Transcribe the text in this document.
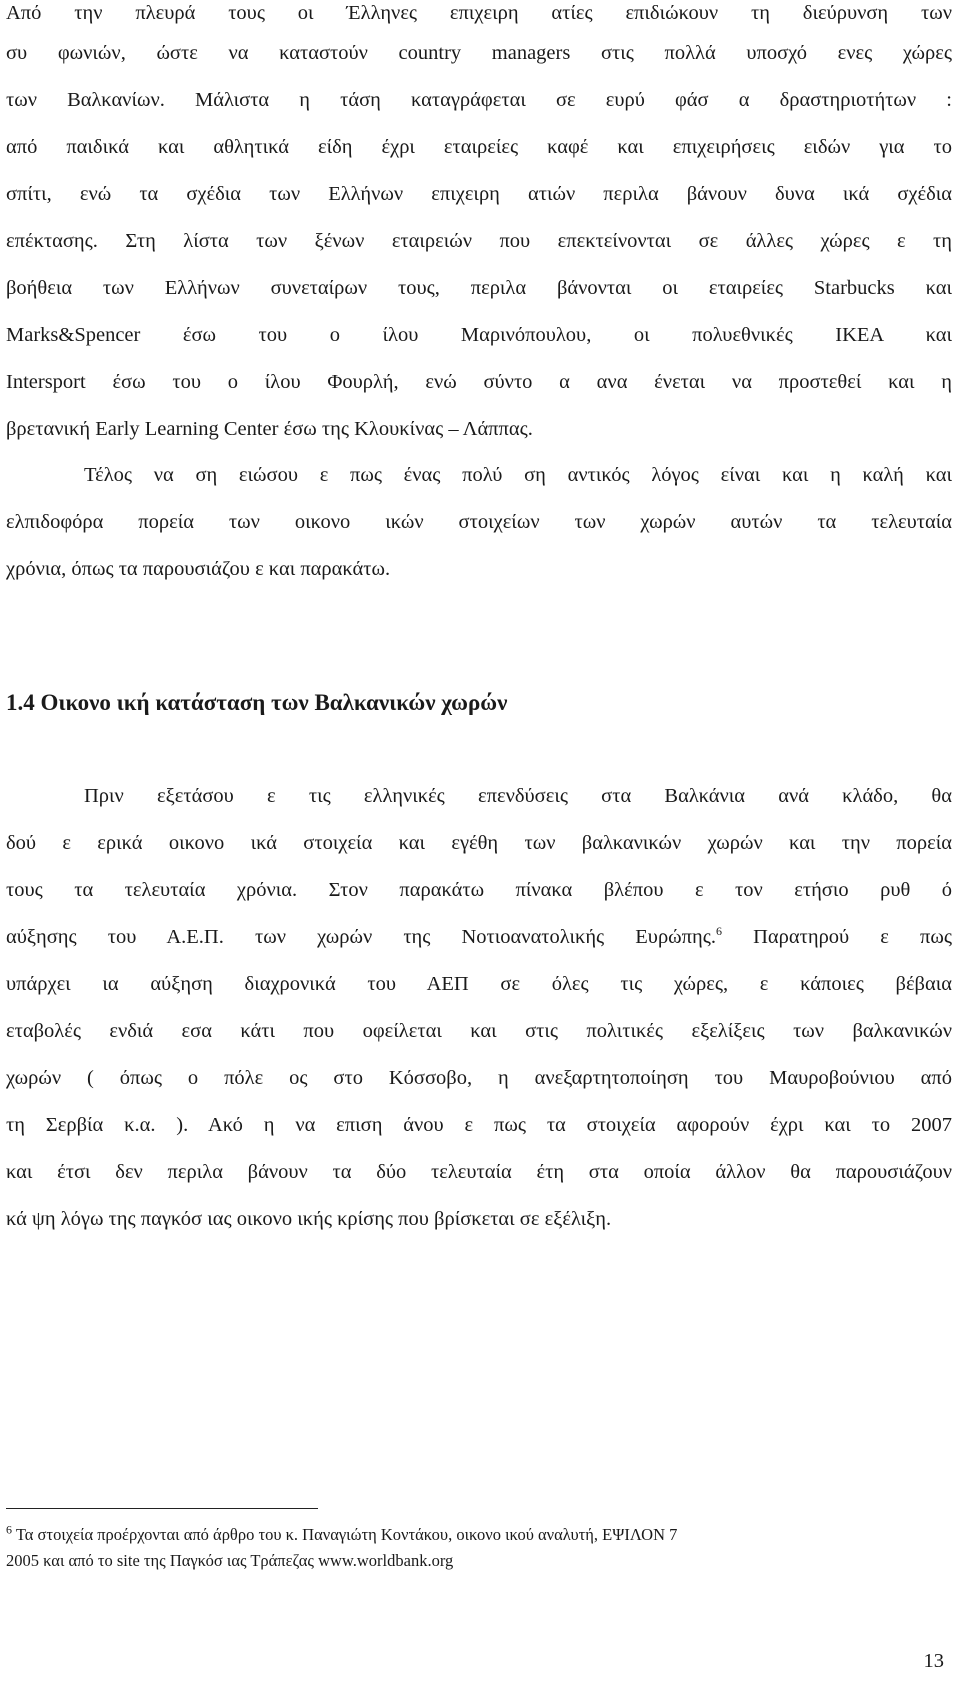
Από την πλευρά τους οι Έλληνες επιχειρη ατίες επιδιώκουν τη διεύρυνση των
συ φωνιών, ώστε να καταστούν country managers στις πολλά υποσχό ενες χώρες
των Βαλκανίων. Μάλιστα η τάση καταγράφεται σε ευρύ φάσ α δραστηριοτήτων :
από παιδικά και αθλητικά είδη έχρι εταιρείες καφέ και επιχειρήσεις ειδών για το
σπίτι, ενώ τα σχέδια των Ελλήνων επιχειρη ατιών περιλα βάνουν δυνα ικά σχέδια
επέκτασης. Στη λίστα των ξένων εταιρειών που επεκτείνονται σε άλλες χώρες ε τη
βοήθεια των Ελλήνων συνεταίρων τους, περιλα βάνονται οι εταιρείες Starbucks και
Marks&Spencer έσω του ο ίλου Μαρινόπουλου, οι πολυεθνικές ΙΚΕΑ και
Intersport έσω του ο ίλου Φουρλή, ενώ σύντο α ανα ένεται να προστεθεί και η
βρετανική Early Learning Center έσω της Κλουκίνας – Λάππας.
Τέλος να ση ειώσου ε πως ένας πολύ ση αντικός λόγος είναι και η καλή και
ελπιδοφόρα πορεία των οικονο ικών στοιχείων των χωρών αυτών τα τελευταία
χρόνια, όπως τα παρουσιάζου ε και παρακάτω.
1.4 Οικονο ική κατάσταση των Βαλκανικών χωρών
Πριν εξετάσου ε τις ελληνικές επενδύσεις στα Βαλκάνια ανά κλάδο, θα
δού ε ερικά οικονο ικά στοιχεία και εγέθη των βαλκανικών χωρών και την πορεία
τους τα τελευταία χρόνια. Στον παρακάτω πίνακα βλέπου ε τον ετήσιο ρυθ ό
αύξησης του Α.Ε.Π. των χωρών της Νοτιοανατολικής Ευρώπης.$^6$ Παρατηρού ε πως
υπάρχει ια αύξηση διαχρονικά του ΑΕΠ σε όλες τις χώρες, ε κάποιες βέβαια
εταβολές ενδιά εσα κάτι που οφείλεται και στις πολιτικές εξελίξεις των βαλκανικών
χωρών ( όπως ο πόλε ος στο Κόσσοβο, η ανεξαρτητοποίηση του Μαυροβούνιου από
τη Σερβία κ.α. ). Ακό η να επιση άνου ε πως τα στοιχεία αφορούν έχρι και το 2007
και έτσι δεν περιλα βάνουν τα δύο τελευταία έτη στα οποία άλλον θα παρουσιάζουν
κά ψη λόγω της παγκόσ ιας οικονο ικής κρίσης που βρίσκεται σε εξέλιξη.
$^6$ Τα στοιχεία προέρχονται από άρθρο του κ. Παναγιώτη Κοντάκου, οικονο ικού αναλυτή, ΕΨΙΛΟΝ 7
2005 και από το site της Παγκόσ ιας Τράπεζας www.worldbank.org
13
